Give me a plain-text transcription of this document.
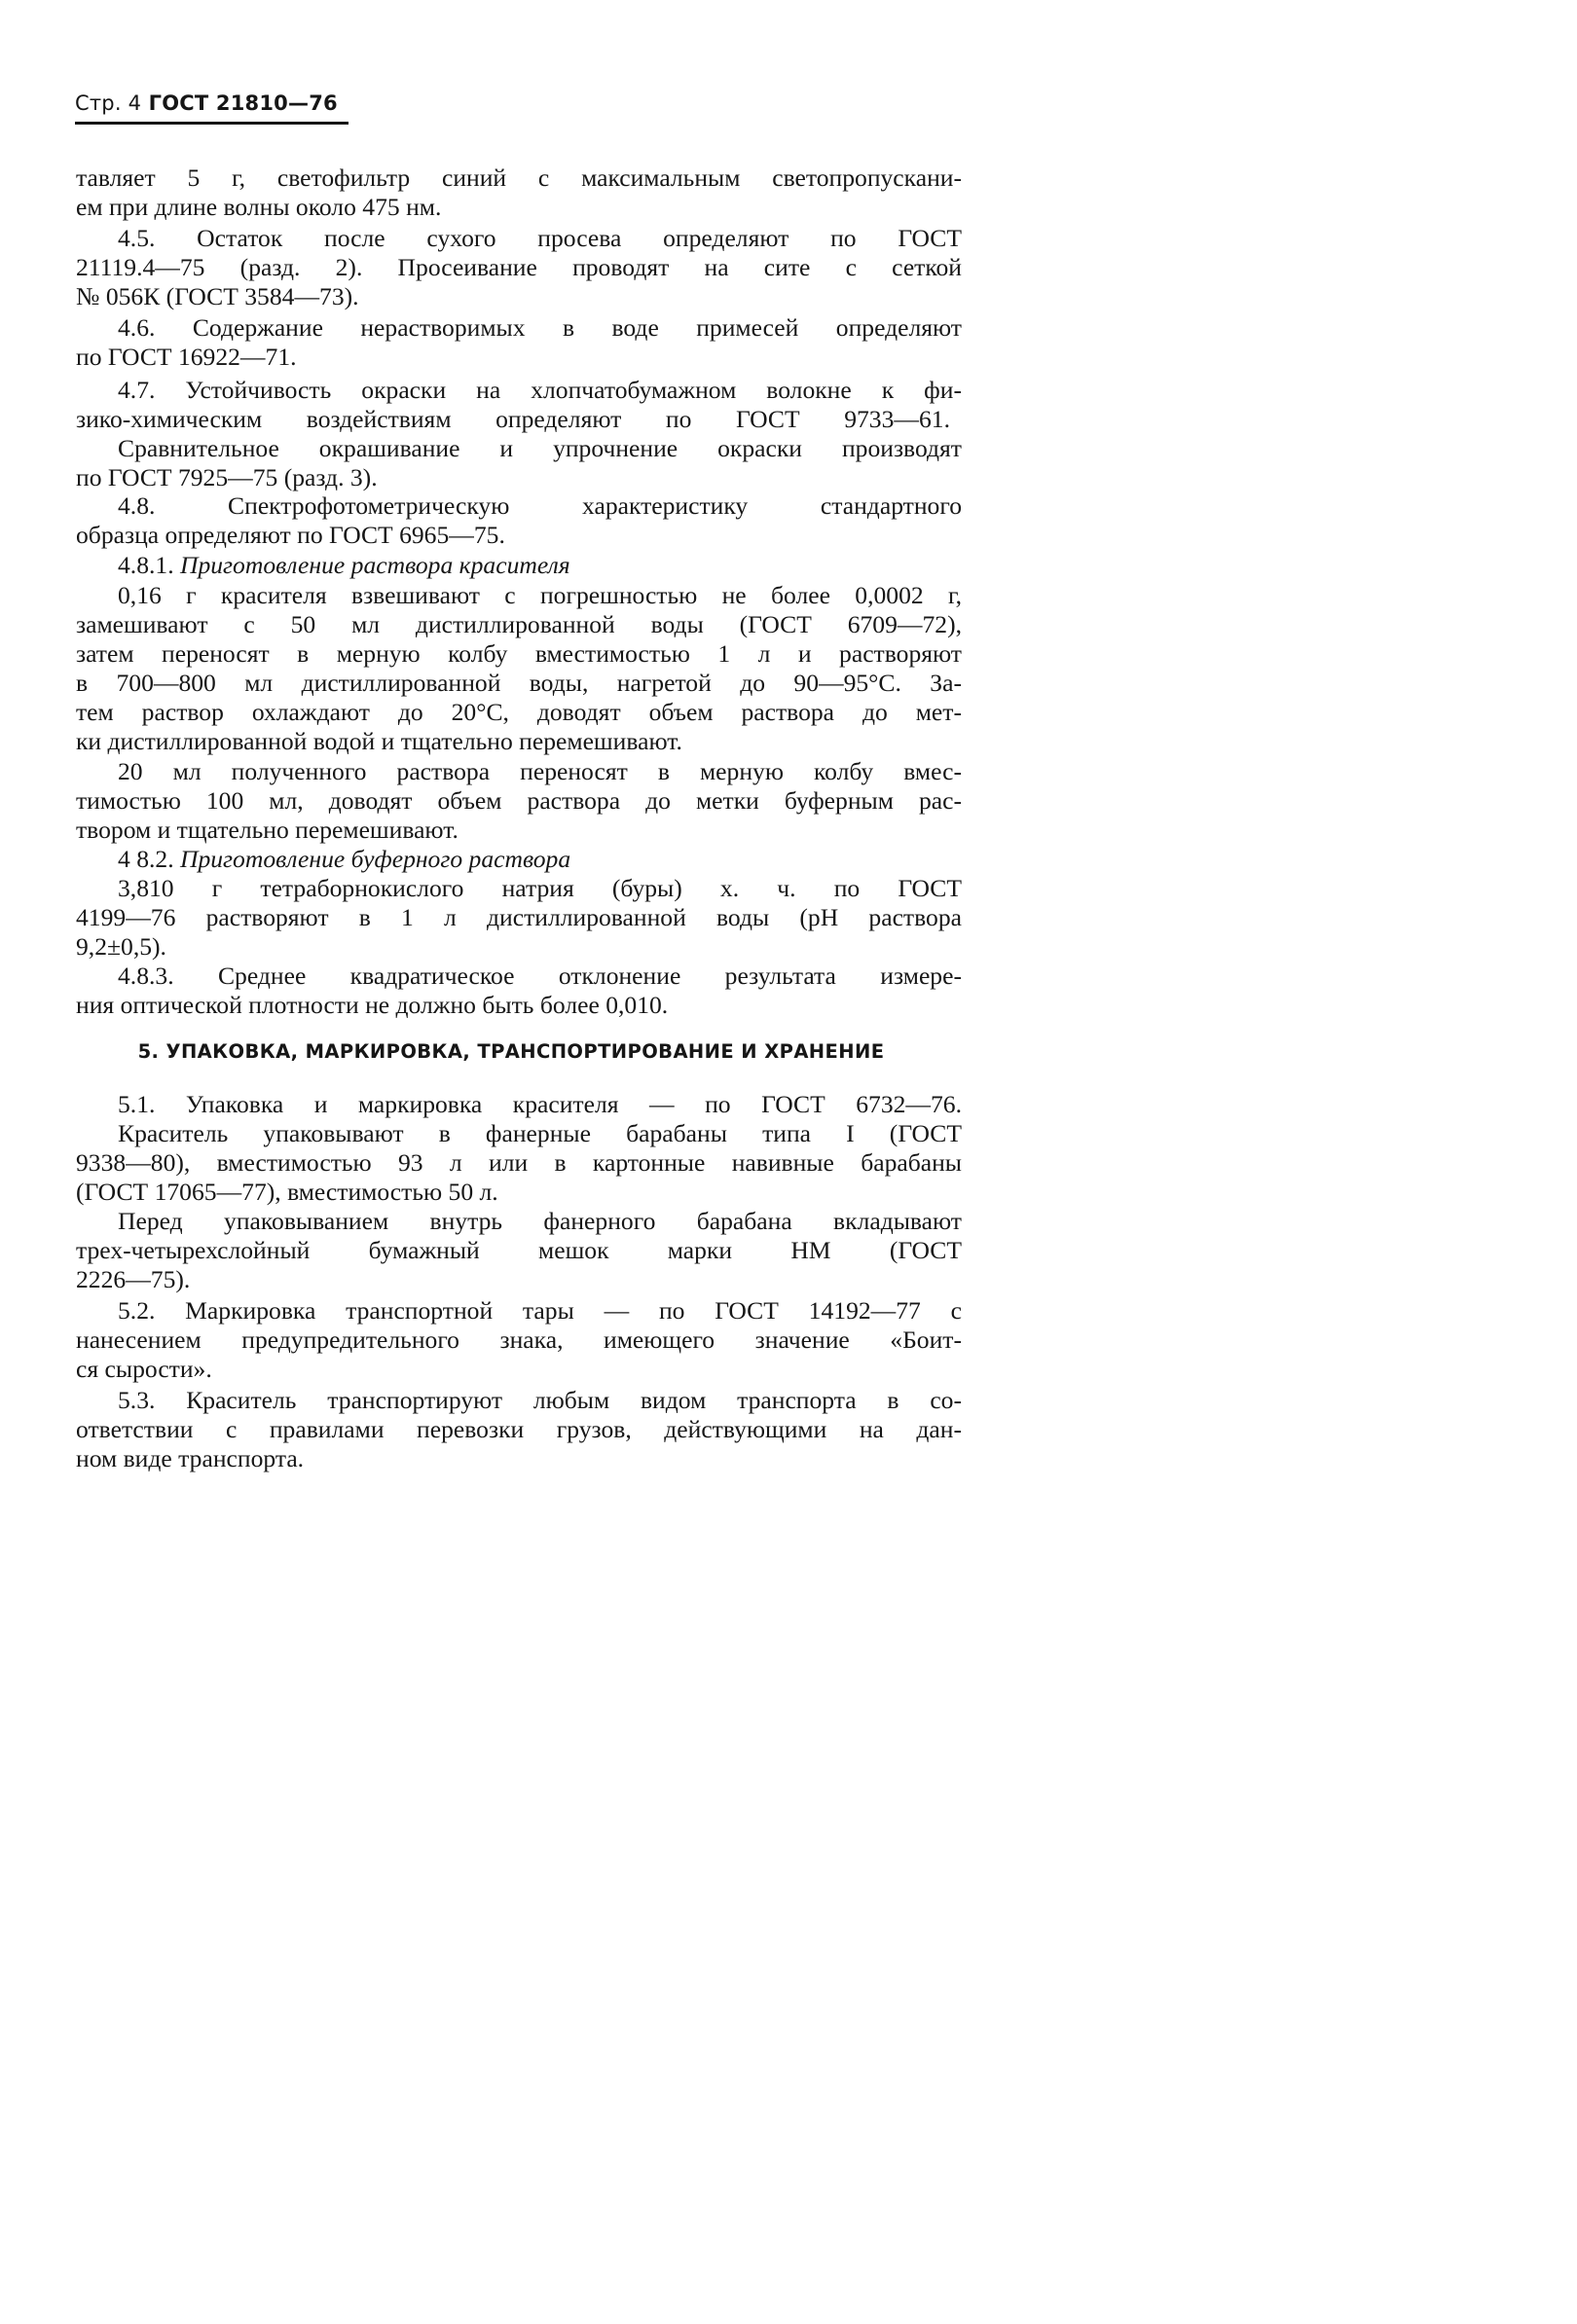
Стр. 4 ГОСТ 21810—76
тавляет 5 г, светофильтр синий с максимальным светопропускани-
ем при длине волны около 475 нм.
4.5. Остаток после сухого просева определяют по ГОСТ
21119.4—75 (разд. 2). Просеивание проводят на сите с сеткой
№ 056К (ГОСТ 3584—73).
4.6. Содержание нерастворимых в воде примесей определяют
по ГОСТ 16922—71.
4.7. Устойчивость окраски на хлопчатобумажном волокне к фи-
зико-химическим воздействиям определяют по ГОСТ 9733—61.
Сравнительное окрашивание и упрочнение окраски производят
по ГОСТ 7925—75 (разд. 3).
4.8. Спектрофотометрическую характеристику стандартного
образца определяют по ГОСТ 6965—75.
4.8.1. Приготовление раствора красителя
0,16 г красителя взвешивают с погрешностью не более 0,0002 г,
замешивают с 50 мл дистиллированной воды (ГОСТ 6709—72),
затем переносят в мерную колбу вместимостью 1 л и растворяют
в 700—800 мл дистиллированной воды, нагретой до 90—95°С. За-
тем раствор охлаждают до 20°С, доводят объем раствора до мет-
ки дистиллированной водой и тщательно перемешивают.
20 мл полученного раствора переносят в мерную колбу вмес-
тимостью 100 мл, доводят объем раствора до метки буферным рас-
твором и тщательно перемешивают.
4 8.2. Приготовление буферного раствора
3,810 г тетраборнокислого натрия (буры) х. ч. по ГОСТ
4199—76 растворяют в 1 л дистиллированной воды (pH раствора
9,2±0,5).
4.8.3. Среднее квадратическое отклонение результата измере-
ния оптической плотности не должно быть более 0,010.
5. УПАКОВКА, МАРКИРОВКА, ТРАНСПОРТИРОВАНИЕ И ХРАНЕНИЕ
5.1. Упаковка и маркировка красителя — по ГОСТ 6732—76.
Краситель упаковывают в фанерные барабаны типа I (ГОСТ
9338—80), вместимостью 93 л или в картонные навивные барабаны
(ГОСТ 17065—77), вместимостью 50 л.
Перед упаковыванием внутрь фанерного барабана вкладывают
трех-четырехслойный бумажный мешок марки НМ (ГОСТ
2226—75).
5.2. Маркировка транспортной тары — по ГОСТ 14192—77 с
нанесением предупредительного знака, имеющего значение «Боит-
ся сырости».
5.3. Краситель транспортируют любым видом транспорта в со-
ответствии с правилами перевозки грузов, действующими на дан-
ном виде транспорта.
